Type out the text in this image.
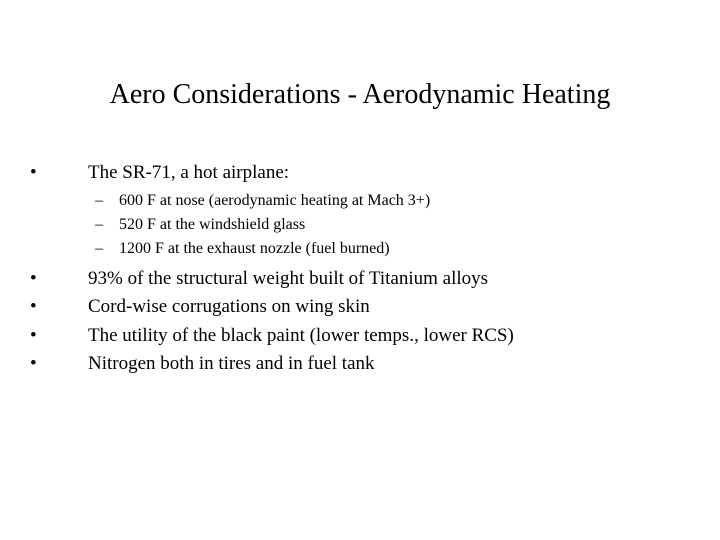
Aero Considerations - Aerodynamic Heating
•	The SR-71, a hot airplane:
– 600 F at nose (aerodynamic heating at Mach 3+)
– 520 F at the windshield glass
– 1200 F at the exhaust nozzle (fuel burned)
•	93% of the structural weight built of Titanium alloys
•	Cord-wise corrugations on wing skin
•	The utility of the black paint (lower temps., lower RCS)
•	Nitrogen both in tires and in fuel tank
